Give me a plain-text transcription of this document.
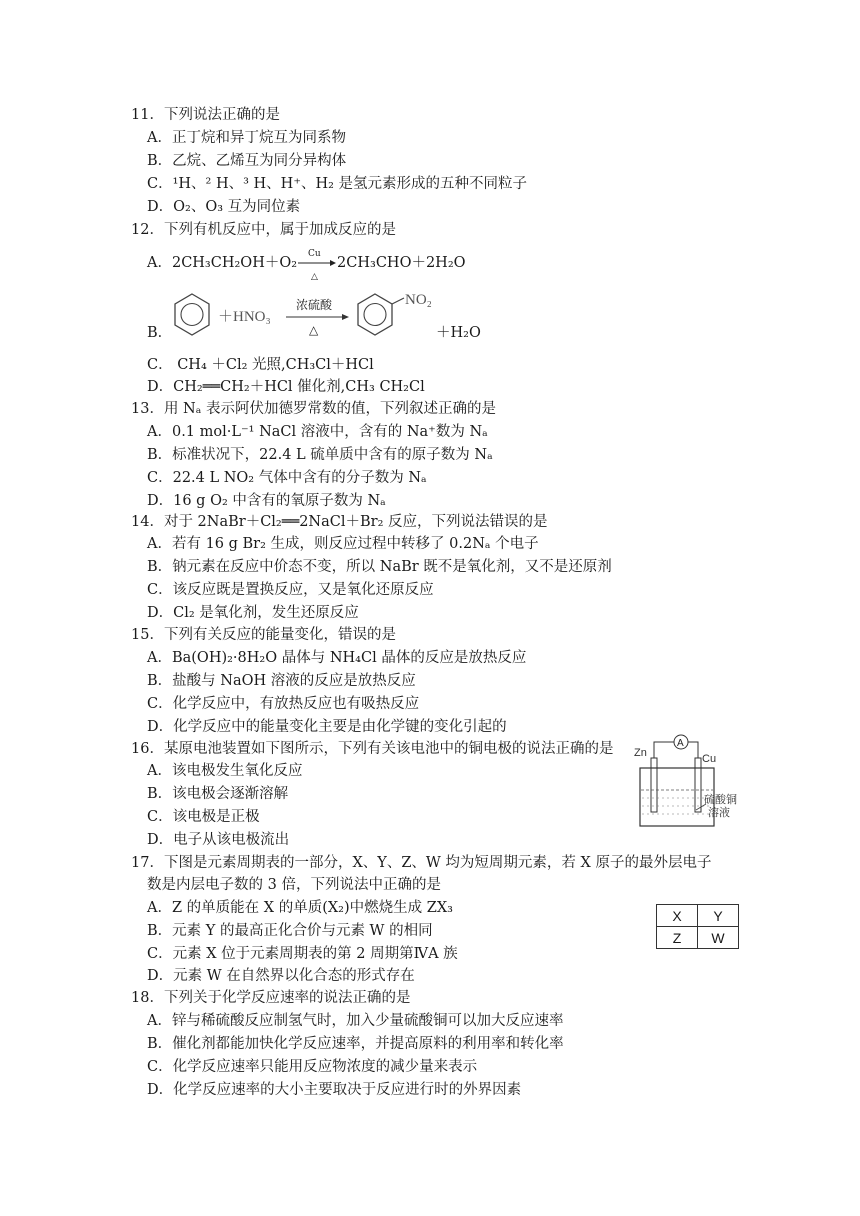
11．下列说法正确的是
A．正丁烷和异丁烷互为同系物
B．乙烷、乙烯互为同分异构体
C．¹H、² H、³ H、H⁺、H₂ 是氢元素形成的五种不同粒子
D．O₂、O₃ 互为同位素
12．下列有机反应中，属于加成反应的是
A．2CH₃CH₂OH＋O₂
Cu
△
2CH₃CHO＋2H₂O
B．
＋HNO₃
浓硫酸
△
NO₂
＋H₂O
C． CH₄ ＋Cl₂ 光照,CH₃Cl＋HCl
D．CH₂══CH₂＋HCl 催化剂,CH₃ CH₂Cl
13．用 Nₐ 表示阿伏加德罗常数的值，下列叙述正确的是
A．0.1 mol·L⁻¹ NaCl 溶液中，含有的 Na⁺数为 Nₐ
B．标准状况下，22.4 L 硫单质中含有的原子数为 Nₐ
C．22.4 L NO₂ 气体中含有的分子数为 Nₐ
D．16 g O₂ 中含有的氧原子数为 Nₐ
14．对于 2NaBr＋Cl₂══2NaCl＋Br₂ 反应，下列说法错误的是
A．若有 16 g Br₂ 生成，则反应过程中转移了 0.2Nₐ 个电子
B．钠元素在反应中价态不变，所以 NaBr 既不是氧化剂，又不是还原剂
C．该反应既是置换反应，又是氧化还原反应
D．Cl₂ 是氧化剂，发生还原反应
15．下列有关反应的能量变化，错误的是
A．Ba(OH)₂·8H₂O 晶体与 NH₄Cl 晶体的反应是放热反应
B．盐酸与 NaOH 溶液的反应是放热反应
C．化学反应中，有放热反应也有吸热反应
D．化学反应中的能量变化主要是由化学键的变化引起的
16．某原电池装置如下图所示，下列有关该电池中的铜电极的说法正确的是
A．该电极发生氧化反应
B．该电极会逐渐溶解
C．该电极是正极
D．电子从该电极流出
A
Zn	Cu
硫酸铜
溶液
17．下图是元素周期表的一部分，X、Y、Z、W 均为短周期元素，若 X 原子的最外层电子
数是内层电子数的 3 倍，下列说法中正确的是
A．Z 的单质能在 X 的单质(X₂)中燃烧生成 ZX₃
B．元素 Y 的最高正化合价与元素 W 的相同
C．元素 X 位于元素周期表的第 2 周期第ⅣA 族
D．元素 W 在自然界以化合态的形式存在
X	Y
Z	W
18．下列关于化学反应速率的说法正确的是
A．锌与稀硫酸反应制氢气时，加入少量硫酸铜可以加大反应速率
B．催化剂都能加快化学反应速率，并提高原料的利用率和转化率
C．化学反应速率只能用反应物浓度的减少量来表示
D．化学反应速率的大小主要取决于反应进行时的外界因素
